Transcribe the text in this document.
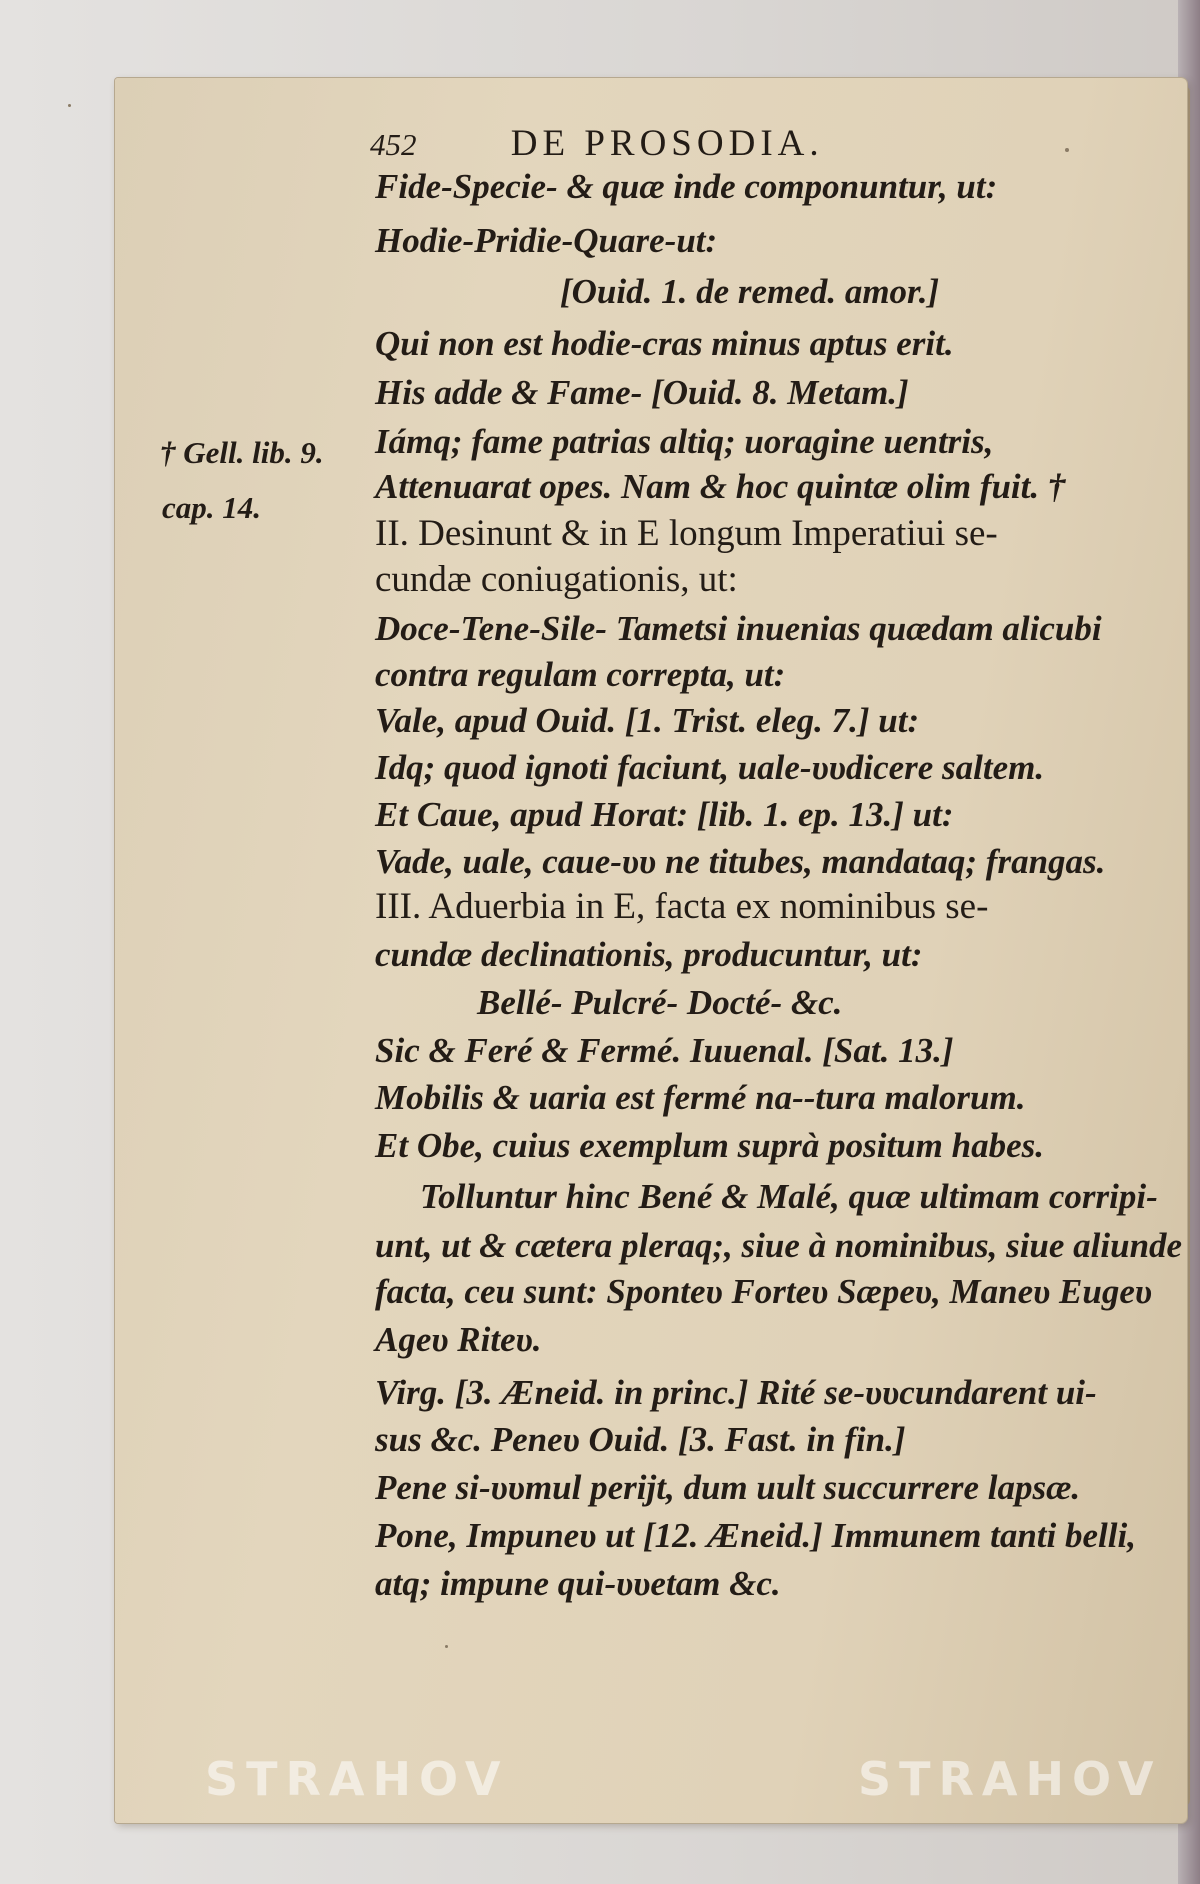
452	DE PROSODIA.
† Gell. lib. 9.
cap. 14.
Fide-Specie- & quæ inde componuntur, ut:
Hodie-Pridie-Quare-ut:
[Ouid. 1. de remed. amor.]
Qui non est hodie-cras minus aptus erit.
His adde & Fame- [Ouid. 8. Metam.]
Iámq; fame patrias altiq; uoragine uentris,
Attenuarat opes. Nam & hoc quintæ olim fuit. †
II. Desinunt & in E longum Imperatiui se-
cundæ coniugationis, ut:
Doce-Tene-Sile- Tametsi inuenias quædam alicubi
contra regulam correpta, ut:
Vale, apud Ouid. [1. Trist. eleg. 7.] ut:
Idq; quod ignoti faciunt, uale-υυdicere saltem.
Et Caue, apud Horat: [lib. 1. ep. 13.] ut:
Vade, uale, caue-υυ ne titubes, mandataq; frangas.
III. Aduerbia in E, facta ex nominibus se-
cundæ declinationis, producuntur, ut:
Bellé- Pulcré- Docté- &c.
Sic & Feré & Fermé. Iuuenal. [Sat. 13.]
Mobilis & uaria est fermé na--tura malorum.
Et Obe, cuius exemplum suprà positum habes.
Tolluntur hinc Bené & Malé, quæ ultimam corripi-
unt, ut & cætera pleraq;, siue à nominibus, siue aliunde
facta, ceu sunt: Sponteυ Forteυ Sæpeυ, Maneυ Eugeυ
Ageυ Riteυ.
Virg. [3. Æneid. in princ.] Rité se-υυcundarent ui-
sus &c. Peneυ Ouid. [3. Fast. in fin.]
Pene si-υυmul perijt, dum uult succurrere lapsæ.
Pone, Impuneυ ut [12. Æneid.] Immunem tanti belli,
atq; impune qui-υυetam &c.
STRAHOV	STRAHOV
